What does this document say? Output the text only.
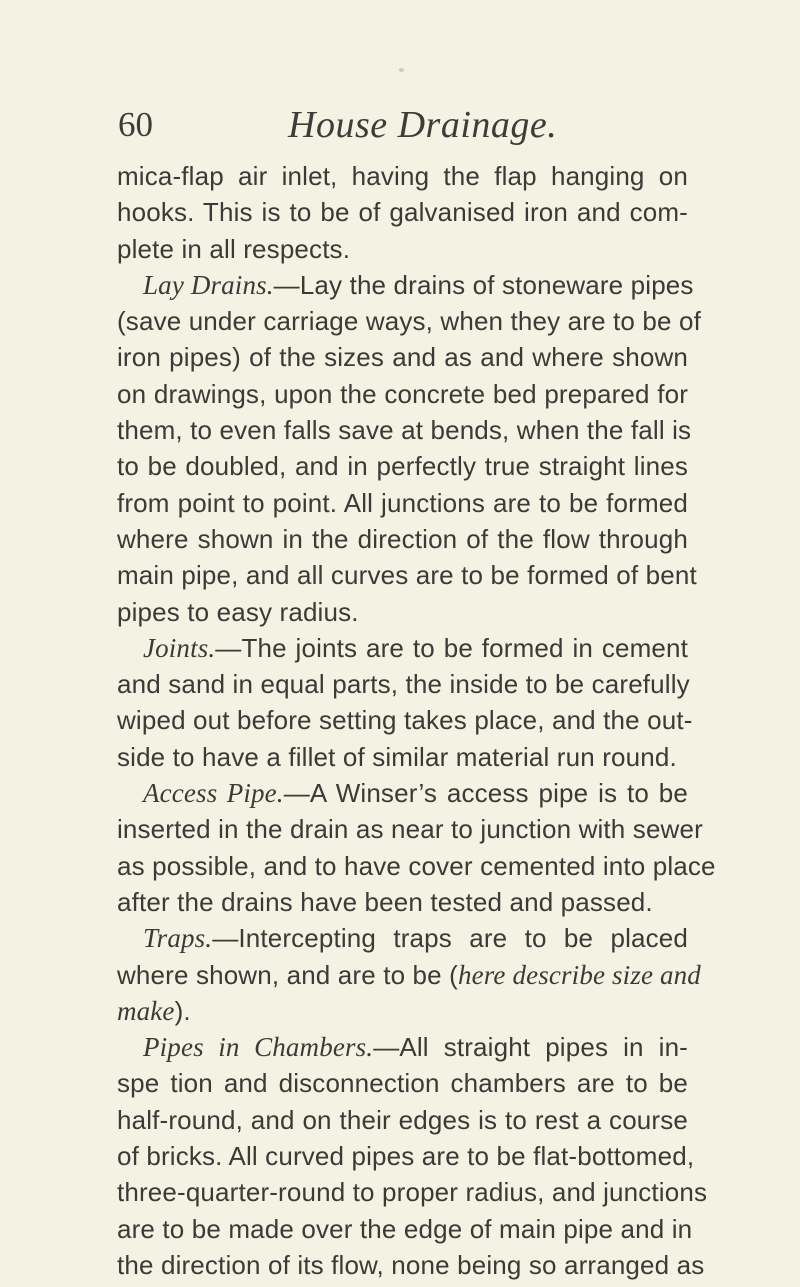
60	House Drainage.
mica-flap air inlet, having the flap hanging on
hooks. This is to be of galvanised iron and com-
plete in all respects.
Lay Drains.—Lay the drains of stoneware pipes
(save under carriage ways, when they are to be of
iron pipes) of the sizes and as and where shown
on drawings, upon the concrete bed prepared for
them, to even falls save at bends, when the fall is
to be doubled, and in perfectly true straight lines
from point to point. All junctions are to be formed
where shown in the direction of the flow through
main pipe, and all curves are to be formed of bent
pipes to easy radius.
Joints.—The joints are to be formed in cement
and sand in equal parts, the inside to be carefully
wiped out before setting takes place, and the out-
side to have a fillet of similar material run round.
Access Pipe.—A Winser’s access pipe is to be
inserted in the drain as near to junction with sewer
as possible, and to have cover cemented into place
after the drains have been tested and passed.
Traps.—Intercepting traps are to be placed
where shown, and are to be (here describe size and
make).
Pipes in Chambers.—All straight pipes in in-
spe tion and disconnection chambers are to be
half-round, and on their edges is to rest a course
of bricks. All curved pipes are to be flat-bottomed,
three-quarter-round to proper radius, and junctions
are to be made over the edge of main pipe and in
the direction of its flow, none being so arranged as
